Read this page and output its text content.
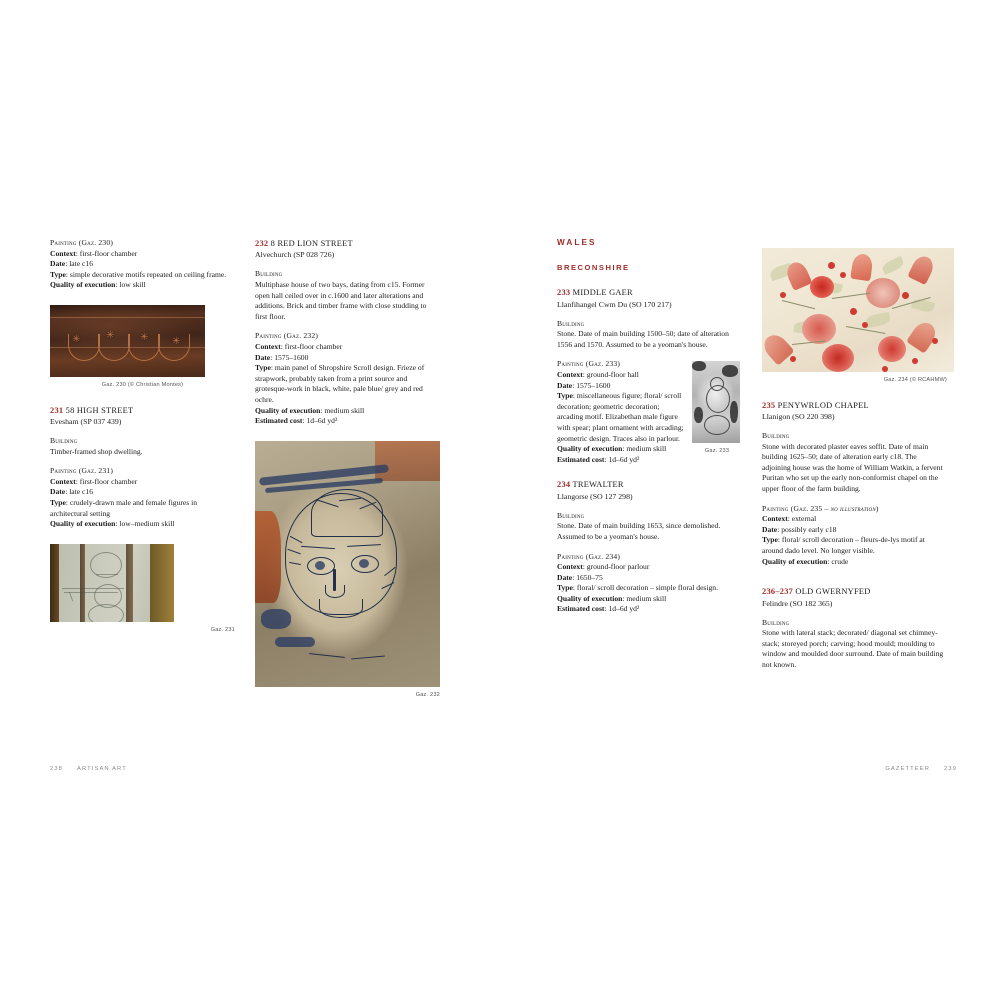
Painting (Gaz. 230)

Context: first-floor chamber

Date: late c16

Type: simple decorative motifs repeated on ceiling frame.

Quality of execution: low skill

✳	✳	✳ ✳
Gaz. 230 (© Christian Montes)

231 58 HIGH STREET

Evesham (SP 037 439)

Building

Timber-framed shop dwelling.

Painting (Gaz. 231)

Context: first-floor chamber

Date: late c16

Type: crudely-drawn male and female figures in architectural setting

Quality of execution: low–medium skill

Gaz. 231

232 8 RED LION STREET

Alvechurch (SP 028 726)

Building

Multiphase house of two bays, dating from c15. Former open hall ceiled over in c.1600 and later alterations and additions. Brick and timber frame with close studding to first floor.

Painting (Gaz. 232)

Context: first-floor chamber

Date: 1575–1600

Type: main panel of Shropshire Scroll design. Frieze of strapwork, probably taken from a print source and grotesque-work in black, white, pale blue/ grey and red ochre.

Quality of execution: medium skill

Estimated cost: 1d–6d yd²

Gaz. 232
238 ARTISAN ART

WALES

BRECONSHIRE

233 MIDDLE GAER

Llanfihangel Cwm Du (SO 170 217)

Building

Stone. Date of main building 1500–50; date of alteration 1556 and 1570. Assumed to be a yeoman's house.

Gaz. 233

Painting (Gaz. 233)

Context: ground-floor hall

Date: 1575–1600

Type: miscellaneous figure; floral/ scroll decoration; geometric decoration; arcading motif. Elizabethan male figure with spear; plant ornament with arcading; geometric design. Traces also in parlour.

Quality of execution: medium skill

Estimated cost: 1d–6d yd²

234 TREWALTER

Llangorse (SO 127 298)

Building

Stone. Date of main building 1653, since demolished. Assumed to be a yeoman's house.

Painting (Gaz. 234)

Context: ground-floor parlour

Date: 1650–75

Type: floral/ scroll decoration – simple floral design.

Quality of execution: medium skill

Estimated cost: 1d–6d yd²

Gaz. 234 (© RCAHMW)

235 PENYWRLOD CHAPEL

Llanigon (SO 220 398)

Building

Stone with decorated plaster eaves soffit. Date of main building 1625–50; date of alteration early c18. The adjoining house was the home of William Watkin, a fervent Puritan who set up the early non-conformist chapel on the upper floor of the farm building.

Painting (Gaz. 235 – no illustration)

Context: external

Date: possibly early c18

Type: floral/ scroll decoration – fleurs-de-lys motif at around dado level. No longer visible.

Quality of execution: crude

236–237 OLD GWERNYFED

Felindre (SO 182 365)

Building

Stone with lateral stack; decorated/ diagonal set chimney-stack; storeyed porch; carving; hood mould; moulding to window and moulded door surround. Date of main building not known.

GAZETTEER 239
